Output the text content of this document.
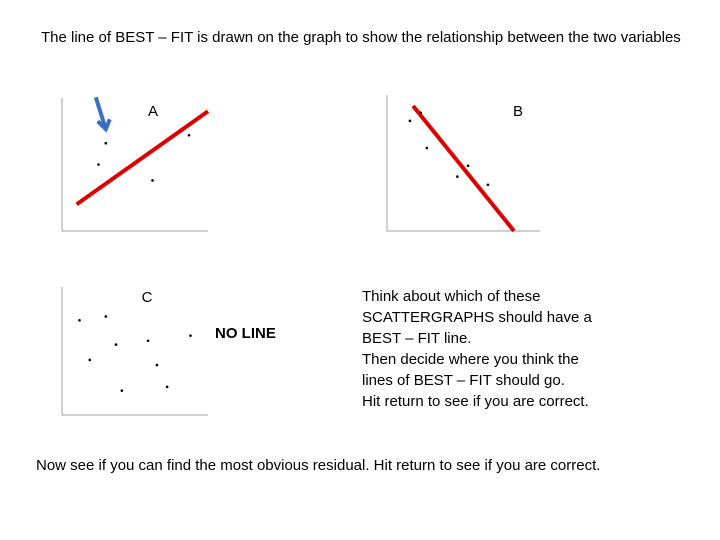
The line of BEST – FIT is drawn on the graph to show the relationship between the two variables
A	B
C
NO LINE
Think about which of these
SCATTERGRAPHS should have a
BEST – FIT line.
Then decide where you think the
lines of BEST – FIT should go.
Hit return to see if you are correct.
Now see if you can find the most obvious residual. Hit return to see if you are correct.
